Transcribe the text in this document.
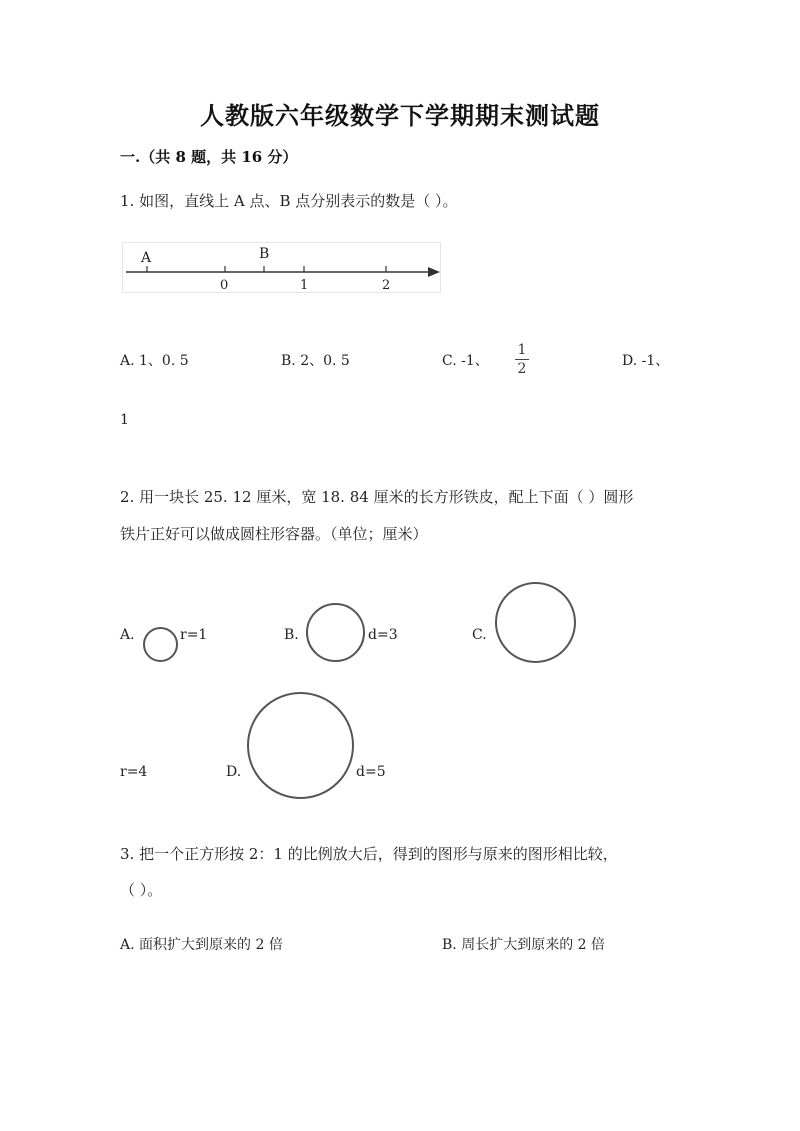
人教版六年级数学下学期期末测试题
一.（共 8 题，共 16 分）
1. 如图，直线上 A 点、B 点分别表示的数是（ ）。
A	B
0	1	2
A. 1、0. 5	B. 2、0. 5	C. -1、
1
2	D. -1、
1
2. 用一块长 25. 12 厘米，宽 18. 84 厘米的长方形铁皮，配上下面（ ）圆形
铁片正好可以做成圆柱形容器。（单位；厘米）
A.	r=1	B.	d=3	C.
r=4	D.	d=5
3. 把一个正方形按 2：1 的比例放大后，得到的图形与原来的图形相比较，
（ ）。
A. 面积扩大到原来的 2 倍	B. 周长扩大到原来的 2 倍
